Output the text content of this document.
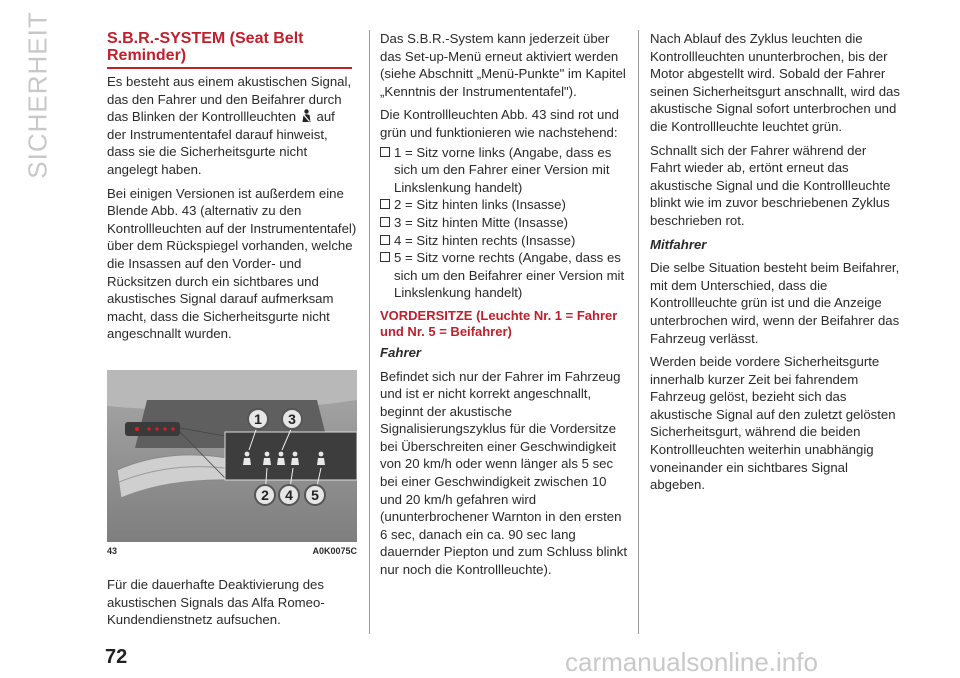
SICHERHEIT	S.B.R.-SYSTEM (Seat Belt Reminder)

Es besteht aus einem akustischen Signal, das den Fahrer und den Beifahrer durch das Blinken der Kontrollleuchten auf der Instrumententafel darauf hinweist, dass sie die Sicherheitsgurte nicht angelegt haben.

Bei einigen Versionen ist außerdem eine Blende Abb. 43 (alternativ zu den Kontrollleuchten auf der Instrumententafel) über dem Rückspiegel vorhanden, welche die Insassen auf den Vorder- und Rücksitzen durch ein sichtbares und akustisches Signal darauf aufmerksam macht, dass die Sicherheitsgurte nicht angeschnallt wurden.

1	3
2	4	5
43	A0K0075C

Für die dauerhafte Deaktivierung des akustischen Signals das Alfa Romeo-Kundendienstnetz aufsuchen.

Das S.B.R.-System kann jederzeit über das Set-up-Menü erneut aktiviert werden (siehe Abschnitt „Menü-Punkte" im Kapitel „Kenntnis der Instrumententafel").

Die Kontrollleuchten Abb. 43 sind rot und grün und funktionieren wie nachstehend:

1 = Sitz vorne links (Angabe, dass es sich um den Fahrer einer Version mit Linkslenkung handelt)
2 = Sitz hinten links (Insasse)
3 = Sitz hinten Mitte (Insasse)
4 = Sitz hinten rechts (Insasse)
5 = Sitz vorne rechts (Angabe, dass es sich um den Beifahrer einer Version mit Linkslenkung handelt)
VORDERSITZE (Leuchte Nr. 1 = Fahrer und Nr. 5 = Beifahrer)
Fahrer

Befindet sich nur der Fahrer im Fahrzeug und ist er nicht korrekt angeschnallt, beginnt der akustische Signalisierungszyklus für die Vordersitze bei Überschreiten einer Geschwindigkeit von 20 km/h oder wenn länger als 5 sec bei einer Geschwindigkeit zwischen 10 und 20 km/h gefahren wird (ununterbrochener Warnton in den ersten 6 sec, danach ein ca. 90 sec lang dauernder Piepton und zum Schluss blinkt nur noch die Kontrollleuchte).

Nach Ablauf des Zyklus leuchten die Kontrollleuchten ununterbrochen, bis der Motor abgestellt wird. Sobald der Fahrer seinen Sicherheitsgurt anschnallt, wird das akustische Signal sofort unterbrochen und die Kontrollleuchte leuchtet grün.

Schnallt sich der Fahrer während der Fahrt wieder ab, ertönt erneut das akustische Signal und die Kontrollleuchte blinkt wie im zuvor beschriebenen Zyklus beschrieben rot.

Mitfahrer

Die selbe Situation besteht beim Beifahrer, mit dem Unterschied, dass die Kontrollleuchte grün ist und die Anzeige unterbrochen wird, wenn der Beifahrer das Fahrzeug verlässt.

Werden beide vordere Sicherheitsgurte innerhalb kurzer Zeit bei fahrendem Fahrzeug gelöst, bezieht sich das akustische Signal auf den zuletzt gelösten Sicherheitsgurt, während die beiden Kontrollleuchten weiterhin unabhängig voneinander ein sichtbares Signal abgeben.

72	carmanualsonline.info
